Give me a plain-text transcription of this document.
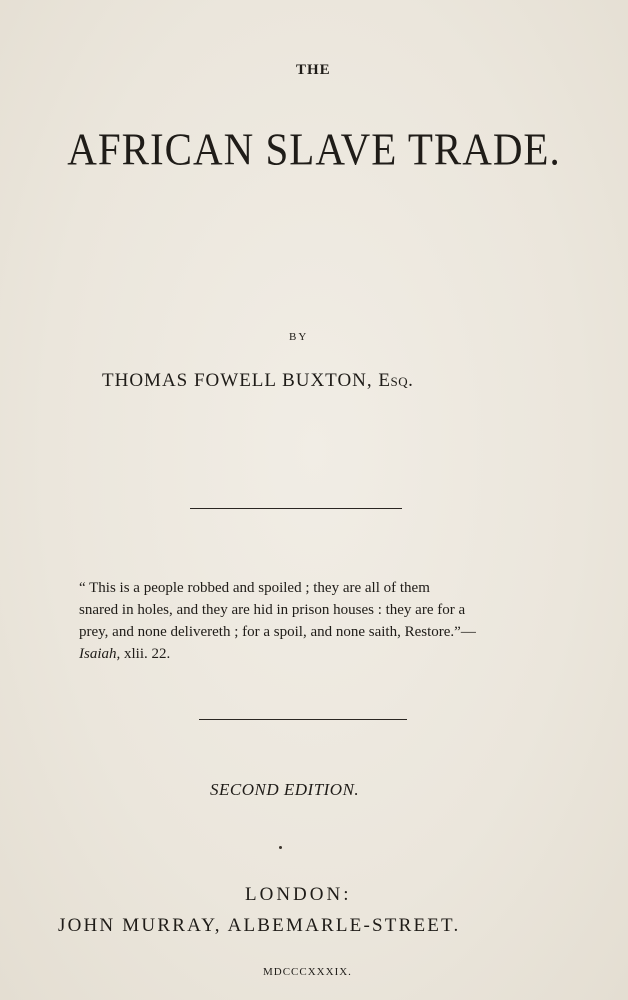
THE
AFRICAN SLAVE TRADE.
BY
THOMAS FOWELL BUXTON, Esq.
“ This is a people robbed and spoiled ; they are all of them
snared in holes, and they are hid in prison houses : they are for a
prey, and none delivereth ; for a spoil, and none saith, Restore.”—
Isaiah, xlii. 22.
SECOND EDITION.
LONDON:
JOHN MURRAY, ALBEMARLE-STREET.
MDCCCXXXIX.
